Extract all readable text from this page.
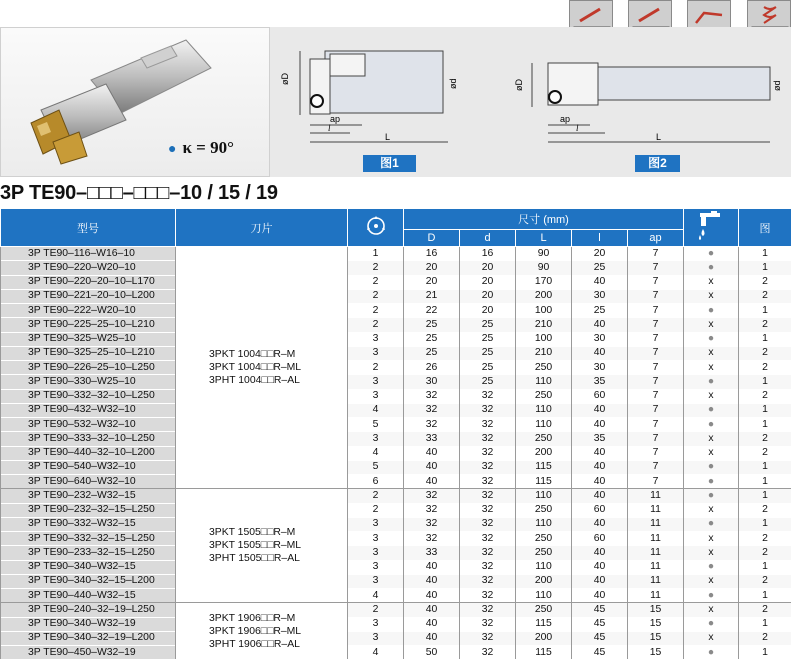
● κ = 90°
øD	ød
ap
l
L
øD	ød
ap
l
L
图1	图2
3P TE90–□□□–□□□–10 / 15 / 19
型号	刀片		尺寸 (mm)						图
			D	d	L	l	ap		
3P TE90–116–W16–10	3PKT 1004□□R–M
3PKT 1004□□R–ML
3PHT 1004□□R–AL	1	16	16	90	20	7	●	1
3P TE90–220–W20–10		2	20	20	90	25	7	●	1
3P TE90–220–20–10–L170		2	20	20	170	40	7	x	2
3P TE90–221–20–10–L200		2	21	20	200	30	7	x	2
3P TE90–222–W20–10		2	22	20	100	25	7	●	1
3P TE90–225–25–10–L210		2	25	25	210	40	7	x	2
3P TE90–325–W25–10		3	25	25	100	30	7	●	1
3P TE90–325–25–10–L210		3	25	25	210	40	7	x	2
3P TE90–226–25–10–L250		2	26	25	250	30	7	x	2
3P TE90–330–W25–10		3	30	25	110	35	7	●	1
3P TE90–332–32–10–L250		3	32	32	250	60	7	x	2
3P TE90–432–W32–10		4	32	32	110	40	7	●	1
3P TE90–532–W32–10		5	32	32	110	40	7	●	1
3P TE90–333–32–10–L250		3	33	32	250	35	7	x	2
3P TE90–440–32–10–L200		4	40	32	200	40	7	x	2
3P TE90–540–W32–10		5	40	32	115	40	7	●	1
3P TE90–640–W32–10		6	40	32	115	40	7	●	1
3P TE90–232–W32–15	3PKT 1505□□R–M
3PKT 1505□□R–ML
3PHT 1505□□R–AL	2	32	32	110	40	11	●	1
3P TE90–232–32–15–L250		2	32	32	250	60	11	x	2
3P TE90–332–W32–15		3	32	32	110	40	11	●	1
3P TE90–332–32–15–L250		3	32	32	250	60	11	x	2
3P TE90–233–32–15–L250		3	33	32	250	40	11	x	2
3P TE90–340–W32–15		3	40	32	110	40	11	●	1
3P TE90–340–32–15–L200		3	40	32	200	40	11	x	2
3P TE90–440–W32–15		4	40	32	110	40	11	●	1
3P TE90–240–32–19–L250	3PKT 1906□□R–M
3PKT 1906□□R–ML
3PHT 1906□□R–AL	2	40	32	250	45	15	x	2
3P TE90–340–W32–19		3	40	32	115	45	15	●	1
3P TE90–340–32–19–L200		3	40	32	200	45	15	x	2
3P TE90–450–W32–19		4	50	32	115	45	15	●	1
